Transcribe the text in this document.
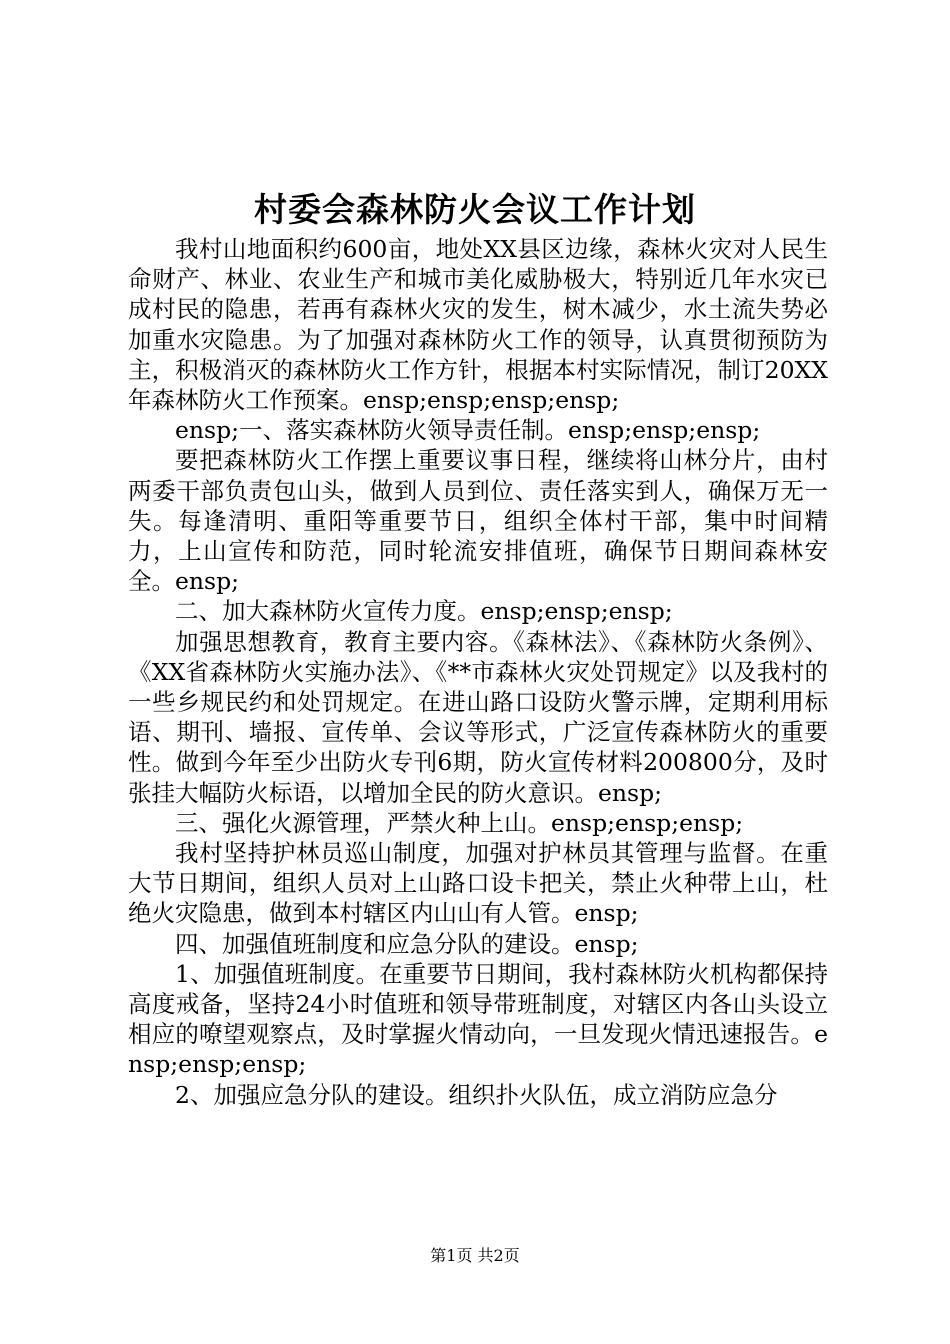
村委会森林防火会议工作计划

我村山地面积约600亩，地处XX县区边缘，森林火灾对人民生命财产、林业、农业生产和城市美化威胁极大，特别近几年水灾已成村民的隐患，若再有森林火灾的发生，树木减少，水土流失势必加重水灾隐患。为了加强对森林防火工作的领导，认真贯彻预防为主，积极消灭的森林防火工作方针，根据本村实际情况，制订20XX年森林防火工作预案。ensp;ensp;ensp;ensp;

ensp;一、落实森林防火领导责任制。ensp;ensp;ensp;

要把森林防火工作摆上重要议事日程，继续将山林分片，由村两委干部负责包山头，做到人员到位、责任落实到人，确保万无一失。每逢清明、重阳等重要节日，组织全体村干部，集中时间精力，上山宣传和防范，同时轮流安排值班，确保节日期间森林安全。ensp;

二、加大森林防火宣传力度。ensp;ensp;ensp;

加强思想教育，教育主要内容。《森林法》、《森林防火条例》、《XX省森林防火实施办法》、《**市森林火灾处罚规定》以及我村的一些乡规民约和处罚规定。在进山路口设防火警示牌，定期利用标语、期刊、墙报、宣传单、会议等形式，广泛宣传森林防火的重要性。做到今年至少出防火专刊6期，防火宣传材料200800分，及时张挂大幅防火标语，以增加全民的防火意识。ensp;

三、强化火源管理，严禁火种上山。ensp;ensp;ensp;

我村坚持护林员巡山制度，加强对护林员其管理与监督。在重大节日期间，组织人员对上山路口设卡把关，禁止火种带上山，杜绝火灾隐患，做到本村辖区内山山有人管。ensp;

四、加强值班制度和应急分队的建设。ensp;

1、加强值班制度。在重要节日期间，我村森林防火机构都保持高度戒备，坚持24小时值班和领导带班制度，对辖区内各山头设立相应的嘹望观察点，及时掌握火情动向，一旦发现火情迅速报告。ensp;ensp;ensp;

2、加强应急分队的建设。组织扑火队伍，成立消防应急分

第1页 共2页
